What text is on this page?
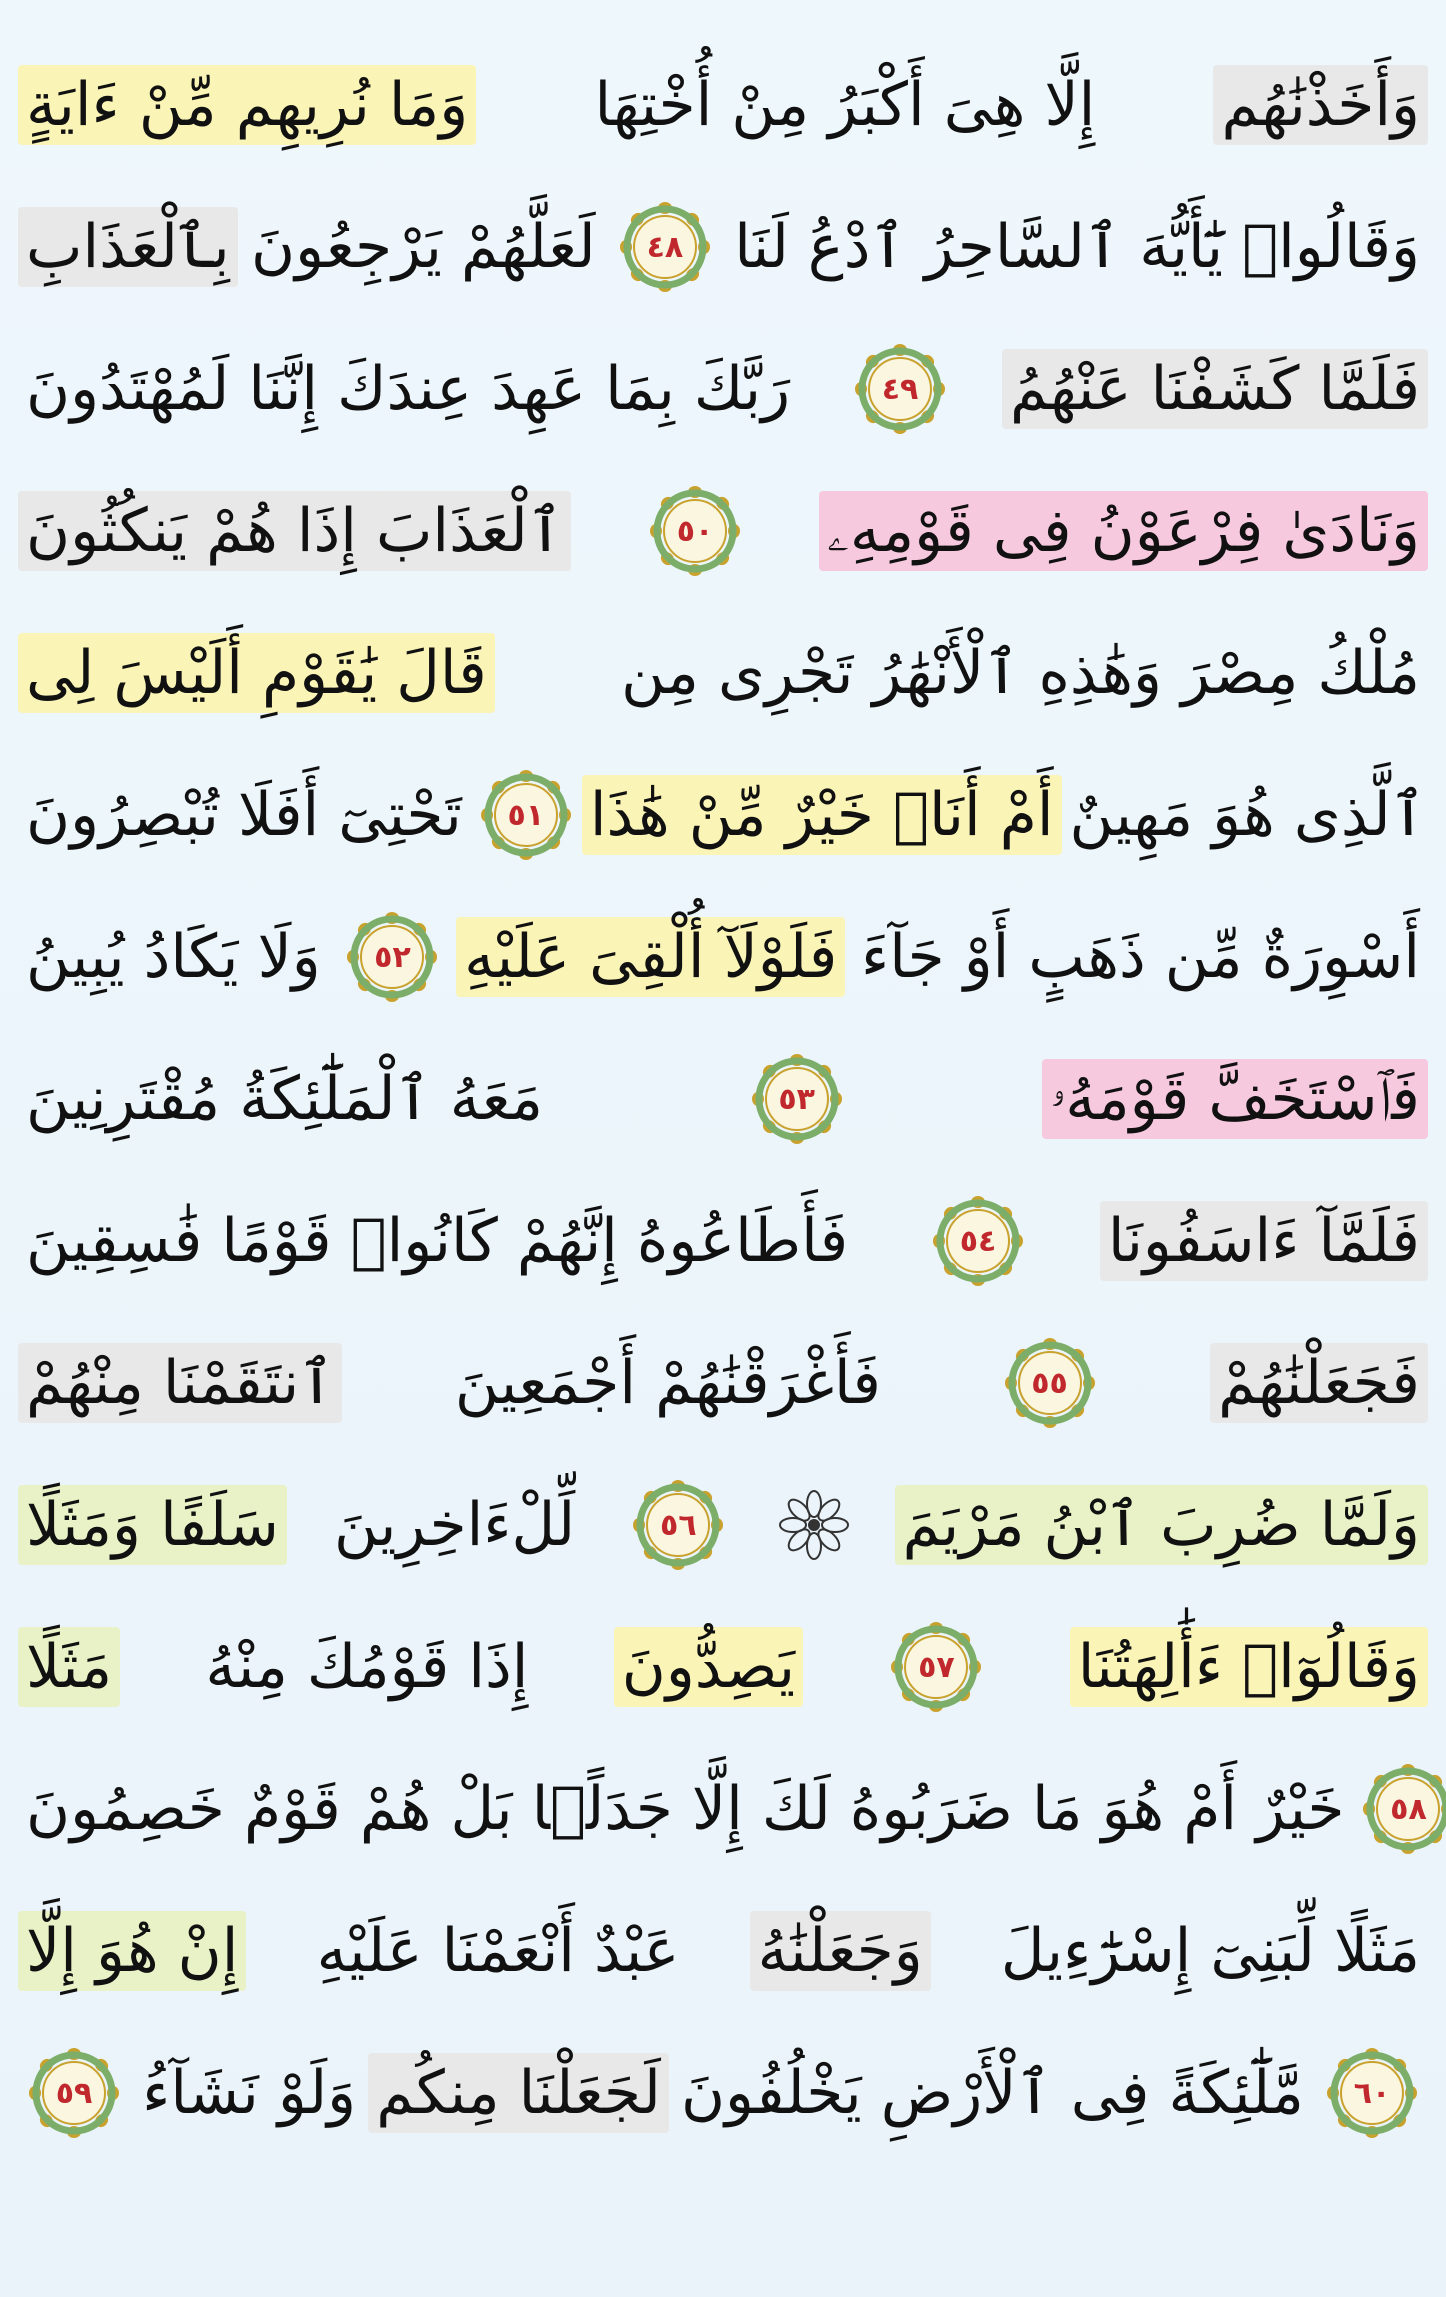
وَمَا نُرِيهِم مِّنْ ءَايَةٍ إِلَّا هِىَ أَكْبَرُ مِنْ أُخْتِهَا وَأَخَذْنَٰهُم
بِٱلْعَذَابِ لَعَلَّهُمْ يَرْجِعُونَ ٤٨ وَقَالُوا۟ يَٰٓأَيُّهَ ٱلسَّاحِرُ ٱدْعُ لَنَا
رَبَّكَ بِمَا عَهِدَ عِندَكَ إِنَّنَا لَمُهْتَدُونَ	٤٩ فَلَمَّا كَشَفْنَا عَنْهُمُ
ٱلْعَذَابَ إِذَا هُمْ يَنكُثُونَ	٥٠ وَنَادَىٰ فِرْعَوْنُ فِى قَوْمِهِۦ
قَالَ يَٰقَوْمِ أَلَيْسَ لِى مُلْكُ مِصْرَ وَهَٰذِهِ ٱلْأَنْهَٰرُ تَجْرِى مِن
تَحْتِىٓ أَفَلَا تُبْصِرُونَ ٥١ أَمْ أَنَا۠ خَيْرٌ مِّنْ هَٰذَا ٱلَّذِى هُوَ مَهِينٌ
وَلَا يَكَادُ يُبِينُ ٥٢ فَلَوْلَآ أُلْقِىَ عَلَيْهِ أَسْوِرَةٌ مِّن ذَهَبٍ أَوْ جَآءَ
مَعَهُ ٱلْمَلَٰٓئِكَةُ مُقْتَرِنِينَ	٥٣	فَٱسْتَخَفَّ قَوْمَهُۥ
فَأَطَاعُوهُ إِنَّهُمْ كَانُوا۟ قَوْمًا فَٰسِقِينَ	٥٤ فَلَمَّآ ءَاسَفُونَا
ٱنتَقَمْنَا مِنْهُمْ فَأَغْرَقْنَٰهُمْ أَجْمَعِينَ	٥٥	فَجَعَلْنَٰهُمْ
سَلَفًا وَمَثَلًا لِّلْءَاخِرِينَ	٥٦	وَلَمَّا ضُرِبَ ٱبْنُ مَرْيَمَ
مَثَلًا إِذَا قَوْمُكَ مِنْهُ يَصِدُّونَ	٥٧ وَقَالُوٓا۟ ءَأَٰلِهَتُنَا
خَيْرٌ أَمْ هُوَ مَا ضَرَبُوهُ لَكَ إِلَّا جَدَلًۢا بَلْ هُمْ قَوْمٌ خَصِمُونَ ٥٨
إِنْ هُوَ إِلَّا عَبْدٌ أَنْعَمْنَا عَلَيْهِ وَجَعَلْنَٰهُ مَثَلًا لِّبَنِىٓ إِسْرَٰٓءِيلَ
٥٩ وَلَوْ نَشَآءُ لَجَعَلْنَا مِنكُم مَّلَٰٓئِكَةً فِى ٱلْأَرْضِ يَخْلُفُونَ ٦٠
